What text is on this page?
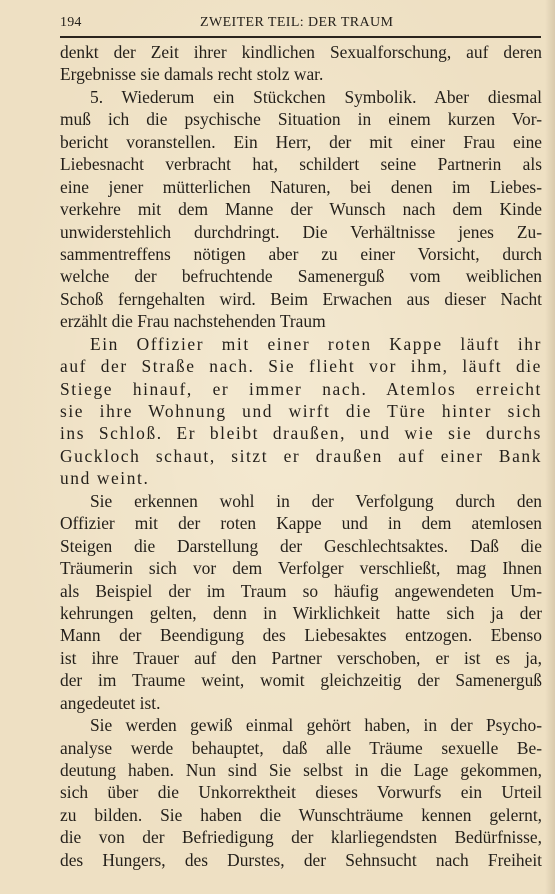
194	ZWEITER TEIL: DER TRAUM
denkt der Zeit ihrer kindlichen Sexualforschung, auf deren
Ergebnisse sie damals recht stolz war.
5. Wiederum ein Stückchen Symbolik. Aber diesmal
muß ich die psychische Situation in einem kurzen Vor-
bericht voranstellen. Ein Herr, der mit einer Frau eine
Liebesnacht verbracht hat, schildert seine Partnerin als
eine jener mütterlichen Naturen, bei denen im Liebes-
verkehre mit dem Manne der Wunsch nach dem Kinde
unwiderstehlich durchdringt. Die Verhältnisse jenes Zu-
sammentreffens nötigen aber zu einer Vorsicht, durch
welche der befruchtende Samenerguß vom weiblichen
Schoß ferngehalten wird. Beim Erwachen aus dieser Nacht
erzählt die Frau nachstehenden Traum
Ein Offizier mit einer roten Kappe läuft ihr
auf der Straße nach. Sie flieht vor ihm, läuft die
Stiege hinauf, er immer nach. Atemlos erreicht
sie ihre Wohnung und wirft die Türe hinter sich
ins Schloß. Er bleibt draußen, und wie sie durchs
Guckloch schaut, sitzt er draußen auf einer Bank
und weint.
Sie erkennen wohl in der Verfolgung durch den
Offizier mit der roten Kappe und in dem atemlosen
Steigen die Darstellung der Geschlechtsaktes. Daß die
Träumerin sich vor dem Verfolger verschließt, mag Ihnen
als Beispiel der im Traum so häufig angewendeten Um-
kehrungen gelten, denn in Wirklichkeit hatte sich ja der
Mann der Beendigung des Liebesaktes entzogen. Ebenso
ist ihre Trauer auf den Partner verschoben, er ist es ja,
der im Traume weint, womit gleichzeitig der Samenerguß
angedeutet ist.
Sie werden gewiß einmal gehört haben, in der Psycho-
analyse werde behauptet, daß alle Träume sexuelle Be-
deutung haben. Nun sind Sie selbst in die Lage gekommen,
sich über die Unkorrektheit dieses Vorwurfs ein Urteil
zu bilden. Sie haben die Wunschträume kennen gelernt,
die von der Befriedigung der klarliegendsten Bedürfnisse,
des Hungers, des Durstes, der Sehnsucht nach Freiheit
